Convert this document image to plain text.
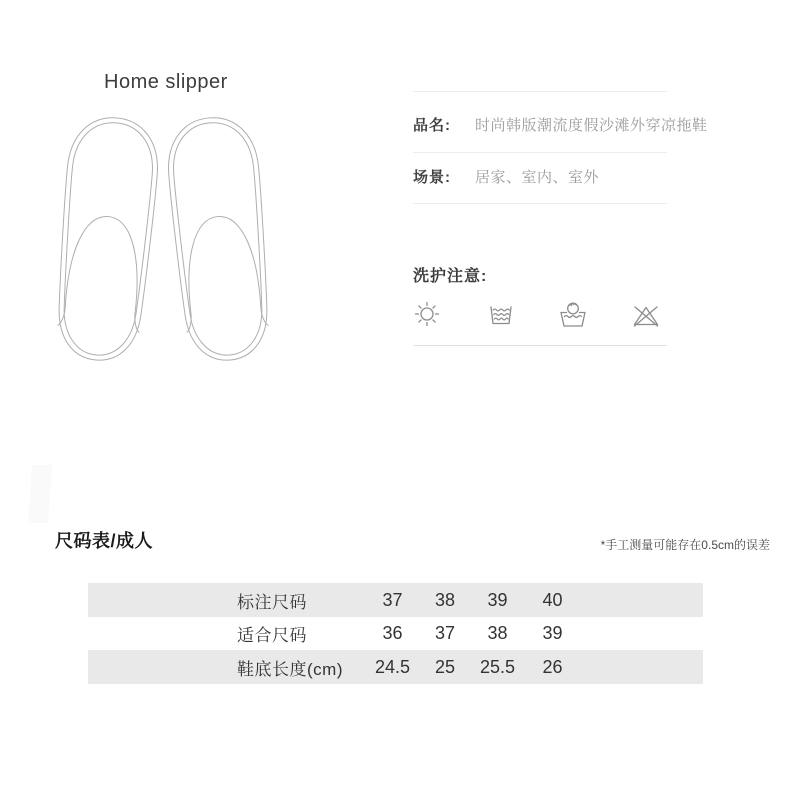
Home slipper
品名: 时尚韩版潮流度假沙滩外穿凉拖鞋
场景: 居家、室内、室外
洗护注意:
尺码表/成人	*手工测量可能存在0.5cm的误差
标注尺码	37	38	39	40
适合尺码	36	37	38	39
鞋底长度(cm)	24.5	25	25.5	26
